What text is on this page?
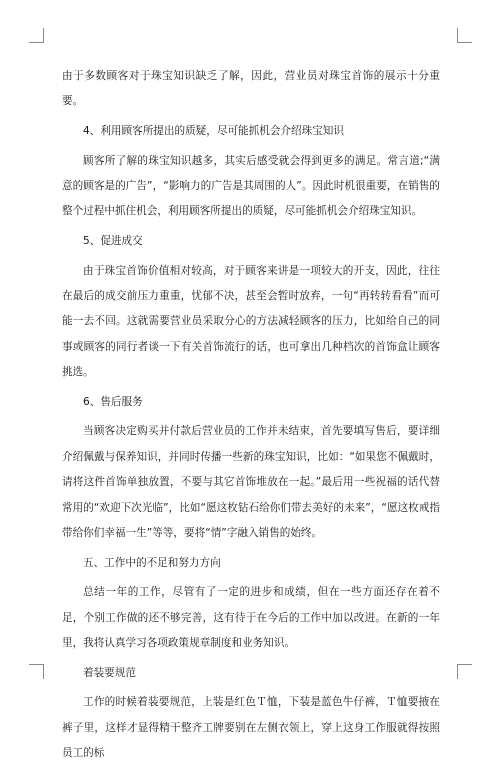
由于多数顾客对于珠宝知识缺乏了解，因此，营业员对珠宝首饰的展示十分重要。

4、利用顾客所提出的质疑，尽可能抓机会介绍珠宝知识

顾客所了解的珠宝知识越多，其实后感受就会得到更多的满足。常言道;“满意的顾客是的广告”，“影响力的广告是其周围的人”。因此时机很重要，在销售的整个过程中抓住机会，利用顾客所提出的质疑，尽可能抓机会介绍珠宝知识。

5、促进成交

由于珠宝首饰价值相对较高，对于顾客来讲是一项较大的开支，因此，往往在最后的成交前压力重重，忧郁不决，甚至会暂时放弃，一句“再转转看看”而可能一去不回。这就需要营业员采取分心的方法减轻顾客的压力，比如给自己的同事或顾客的同行者谈一下有关首饰流行的话，也可拿出几种档次的首饰盒让顾客挑选。

6、售后服务

当顾客决定购买并付款后营业员的工作并未结束，首先要填写售后，要详细介绍佩戴与保养知识，并同时传播一些新的珠宝知识，比如：“如果您不佩戴时，请将这件首饰单独放置，不要与其它首饰堆放在一起。”最后用一些祝福的话代替常用的“欢迎下次光临”，比如“愿这枚钻石给你们带去美好的未来”，“愿这枚戒指带给你们幸福一生”等等，要将“情”字融入销售的始终。

五、工作中的不足和努力方向

总结一年的工作，尽管有了一定的进步和成绩，但在一些方面还存在着不足，个别工作做的还不够完善，这有待于在今后的工作中加以改进。在新的一年里，我将认真学习各项政策规章制度和业务知识。

着装要规范

工作的时候着装要规范，上装是红色Ｔ恤，下装是蓝色牛仔裤，Ｔ恤要掖在裤子里，这样才显得精干整齐工牌要别在左侧衣领上，穿上这身工作服就得按照员工的标
